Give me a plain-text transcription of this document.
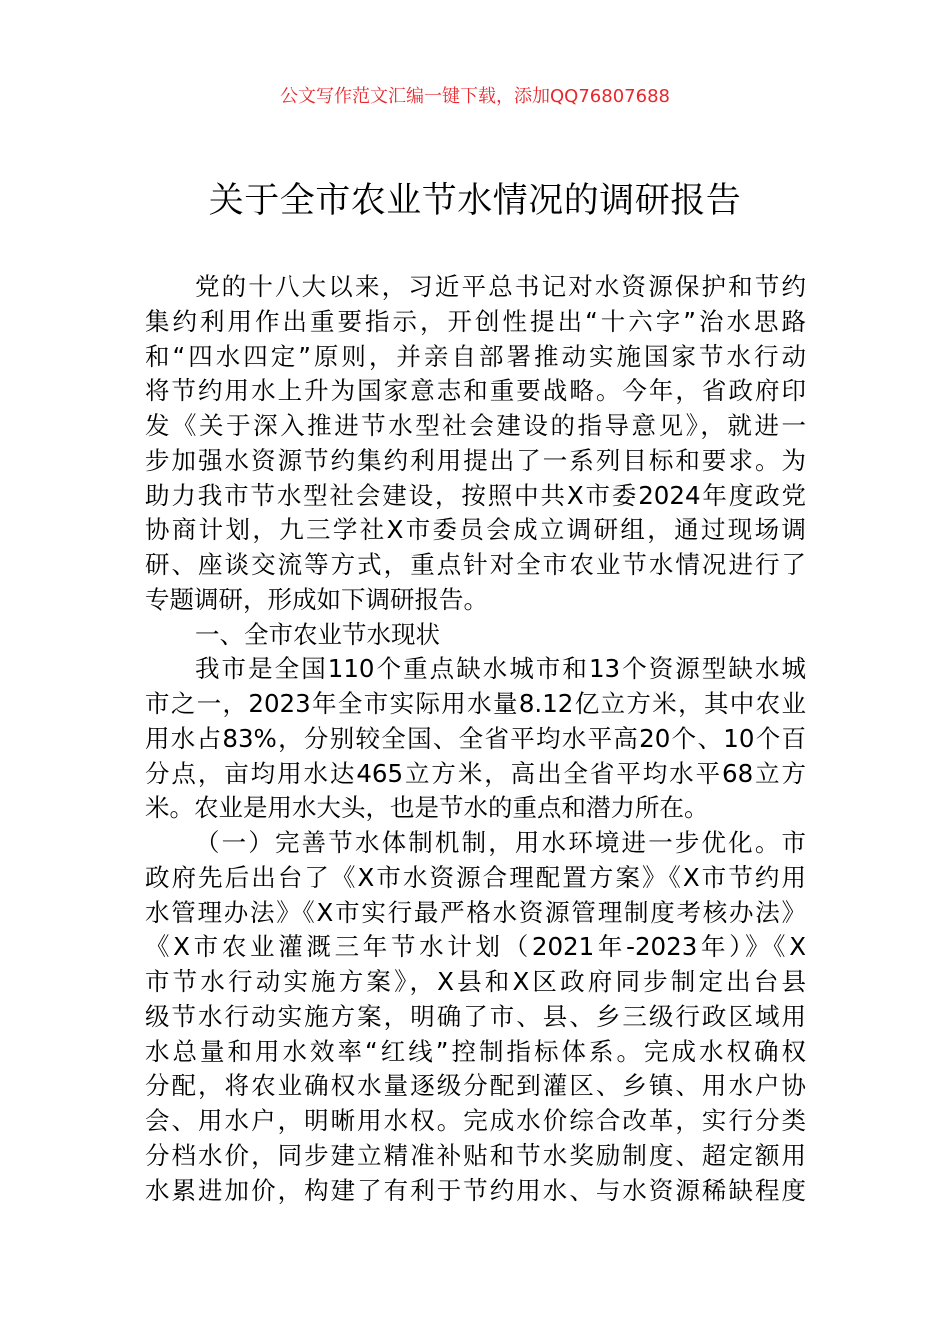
公文写作范文汇编一键下载，添加QQ76807688
关于全市农业节水情况的调研报告
党的十八大以来，习近平总书记对水资源保护和节约
集约利用作出重要指示，开创性提出“十六字”治水思路
和“四水四定”原则，并亲自部署推动实施国家节水行动
将节约用水上升为国家意志和重要战略。今年，省政府印
发《关于深入推进节水型社会建设的指导意见》，就进一
步加强水资源节约集约利用提出了一系列目标和要求。为
助力我市节水型社会建设，按照中共X市委2024年度政党
协商计划，九三学社X市委员会成立调研组，通过现场调
研、座谈交流等方式，重点针对全市农业节水情况进行了
专题调研，形成如下调研报告。
一、全市农业节水现状
我市是全国110个重点缺水城市和13个资源型缺水城
市之一，2023年全市实际用水量8.12亿立方米，其中农业
用水占83%，分别较全国、全省平均水平高20个、10个百
分点，亩均用水达465立方米，高出全省平均水平68立方
米。农业是用水大头，也是节水的重点和潜力所在。
（一）完善节水体制机制，用水环境进一步优化。市
政府先后出台了《X市水资源合理配置方案》《X市节约用
水管理办法》《X市实行最严格水资源管理制度考核办法》
《X市农业灌溉三年节水计划（2021年-2023年）》《X
市节水行动实施方案》，X县和X区政府同步制定出台县
级节水行动实施方案，明确了市、县、乡三级行政区域用
水总量和用水效率“红线”控制指标体系。完成水权确权
分配，将农业确权水量逐级分配到灌区、乡镇、用水户协
会、用水户，明晰用水权。完成水价综合改革，实行分类
分档水价，同步建立精准补贴和节水奖励制度、超定额用
水累进加价，构建了有利于节约用水、与水资源稀缺程度
